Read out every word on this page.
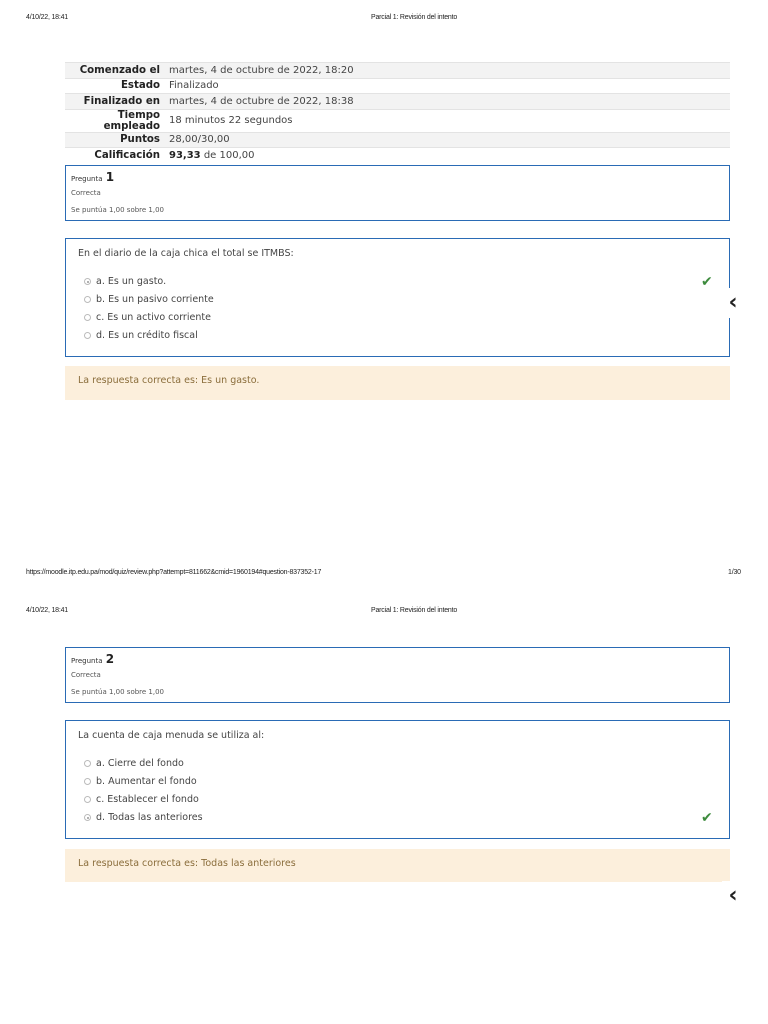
4/10/22, 18:41	Parcial 1: Revisión del intento
Comenzado el	martes, 4 de octubre de 2022, 18:20
Estado	Finalizado
Finalizado en	martes, 4 de octubre de 2022, 18:38
Tiempo empleado	18 minutos 22 segundos
Puntos	28,00/30,00
Calificación	93,33 de 100,00
Pregunta 1
Correcta
Se puntúa 1,00 sobre 1,00
En el diario de la caja chica el total se ITMBS:
a. Es un gasto.
b. Es un pasivo corriente
c. Es un activo corriente
d. Es un crédito fiscal
✔
La respuesta correcta es: Es un gasto.
‹
https://moodle.itp.edu.pa/mod/quiz/review.php?attempt=811662&cmid=1960194#question-837352-17	1/30
4/10/22, 18:41	Parcial 1: Revisión del intento
Pregunta 2
Correcta
Se puntúa 1,00 sobre 1,00
La cuenta de caja menuda se utiliza al:
a. Cierre del fondo
b. Aumentar el fondo
c. Establecer el fondo
d. Todas las anteriores	✔
La respuesta correcta es: Todas las anteriores
‹
